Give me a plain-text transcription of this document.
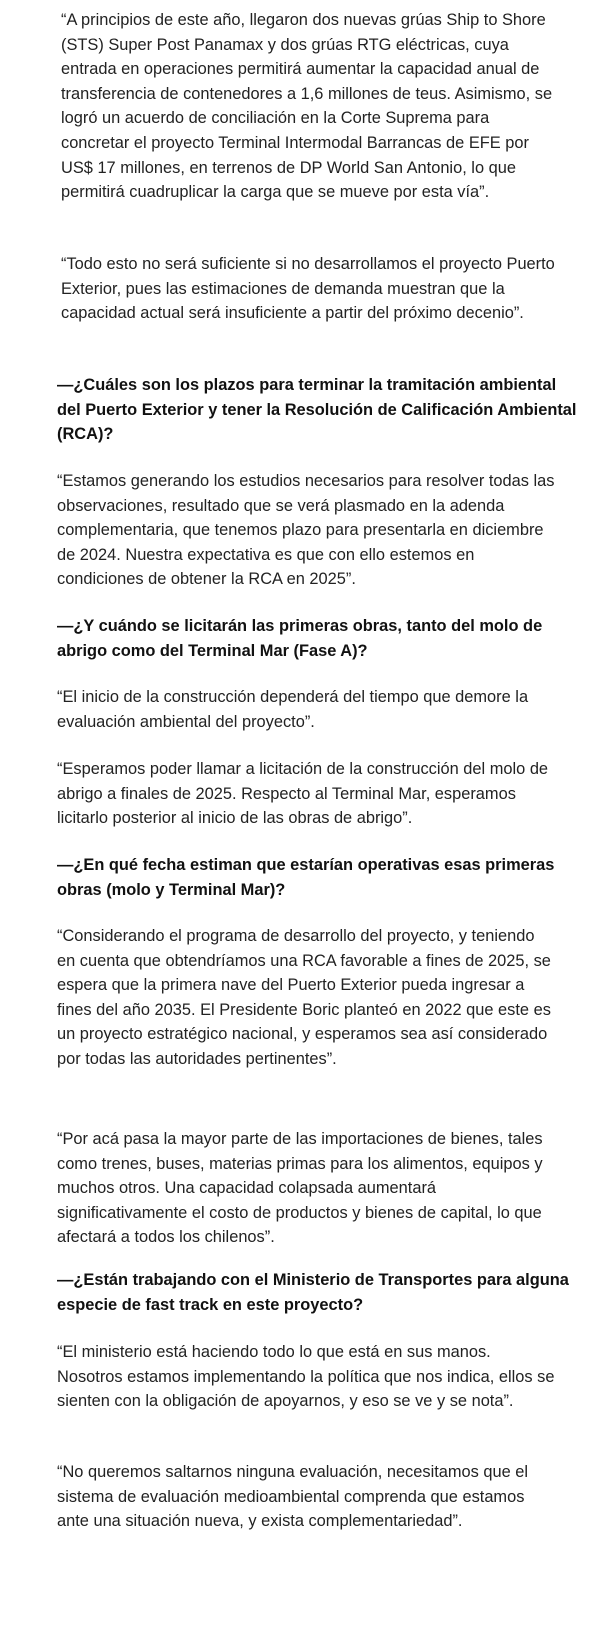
“A principios de este año, llegaron dos nuevas grúas Ship to Shore (STS) Super Post Panamax y dos grúas RTG eléctricas, cuya entrada en operaciones permitirá aumentar la capacidad anual de transferencia de contenedores a 1,6 millones de teus. Asimismo, se logró un acuerdo de conciliación en la Corte Suprema para concretar el proyecto Terminal Intermodal Barrancas de EFE por US$ 17 millones, en terrenos de DP World San Antonio, lo que permitirá cuadruplicar la carga que se mueve por esta vía”.

“Todo esto no será suficiente si no desarrollamos el proyecto Puerto Exterior, pues las estimaciones de demanda muestran que la capacidad actual será insuficiente a partir del próximo decenio”.

—¿Cuáles son los plazos para terminar la tramitación ambiental del Puerto Exterior y tener la Resolución de Calificación Ambiental (RCA)?

“Estamos generando los estudios necesarios para resolver todas las observaciones, resultado que se verá plasmado en la adenda complementaria, que tenemos plazo para presentarla en diciembre de 2024. Nuestra expectativa es que con ello estemos en condiciones de obtener la RCA en 2025”.

—¿Y cuándo se licitarán las primeras obras, tanto del molo de abrigo como del Terminal Mar (Fase A)?

“El inicio de la construcción dependerá del tiempo que demore la evaluación ambiental del proyecto”.

“Esperamos poder llamar a licitación de la construcción del molo de abrigo a finales de 2025. Respecto al Terminal Mar, esperamos licitarlo posterior al inicio de las obras de abrigo”.

—¿En qué fecha estiman que estarían operativas esas primeras obras (molo y Terminal Mar)?

“Considerando el programa de desarrollo del proyecto, y teniendo en cuenta que obtendríamos una RCA favorable a fines de 2025, se espera que la primera nave del Puerto Exterior pueda ingresar a fines del año 2035. El Presidente Boric planteó en 2022 que este es un proyecto estratégico nacional, y esperamos sea así considerado por todas las autoridades pertinentes”.

“Por acá pasa la mayor parte de las importaciones de bienes, tales como trenes, buses, materias primas para los alimentos, equipos y muchos otros. Una capacidad colapsada aumentará significativamente el costo de productos y bienes de capital, lo que afectará a todos los chilenos”.

—¿Están trabajando con el Ministerio de Transportes para alguna especie de fast track en este proyecto?

“El ministerio está haciendo todo lo que está en sus manos. Nosotros estamos implementando la política que nos indica, ellos se sienten con la obligación de apoyarnos, y eso se ve y se nota”.

“No queremos saltarnos ninguna evaluación, necesitamos que el sistema de evaluación medioambiental comprenda que estamos ante una situación nueva, y exista complementariedad”.
